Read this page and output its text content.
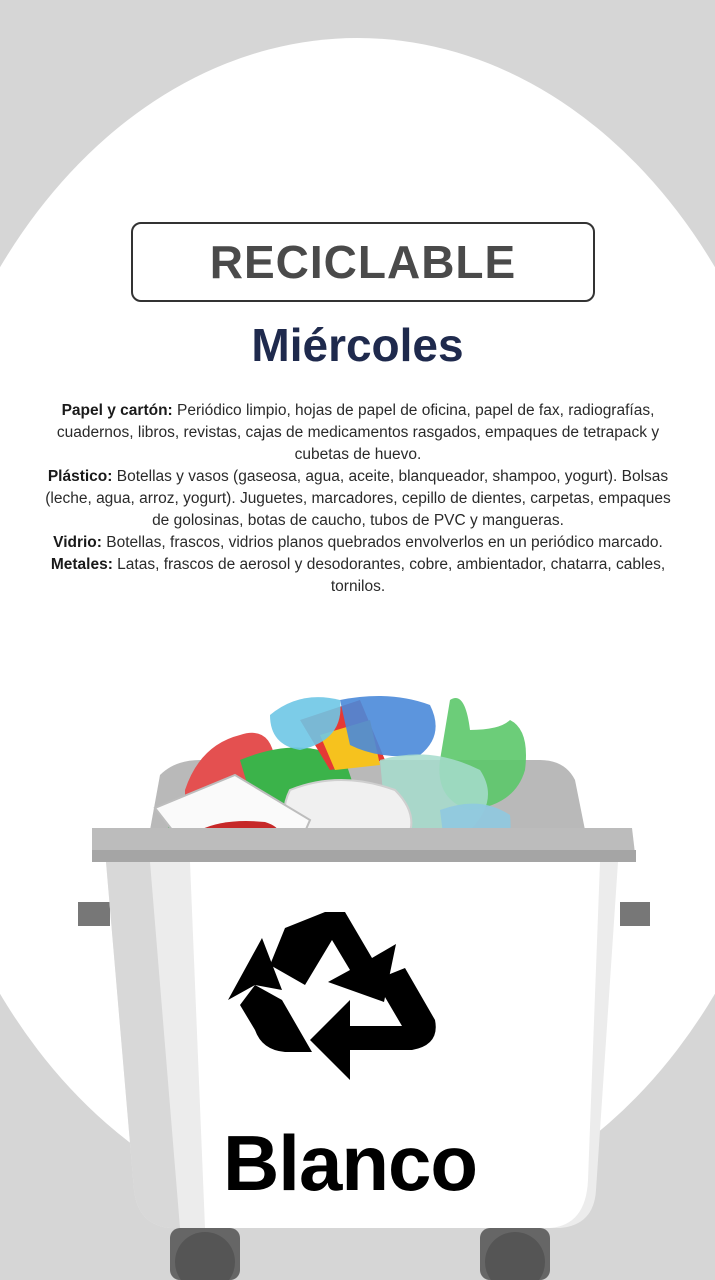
RECICLABLE
Miércoles

Papel y cartón: Periódico limpio, hojas de papel de oficina, papel de fax, radiografías, cuadernos, libros, revistas, cajas de medicamentos rasgados, empaques de tetrapack y cubetas de huevo.

Plástico: Botellas y vasos (gaseosa, agua, aceite, blanqueador, shampoo, yogurt). Bolsas (leche, agua, arroz, yogurt). Juguetes, marcadores, cepillo de dientes, carpetas, empaques de golosinas, botas de caucho, tubos de PVC y mangueras.

Vidrio: Botellas, frascos, vidrios planos quebrados envolverlos en un periódico marcado.

Metales: Latas, frascos de aerosol y desodorantes, cobre, ambientador, chatarra, cables, tornilos.

Blanco
